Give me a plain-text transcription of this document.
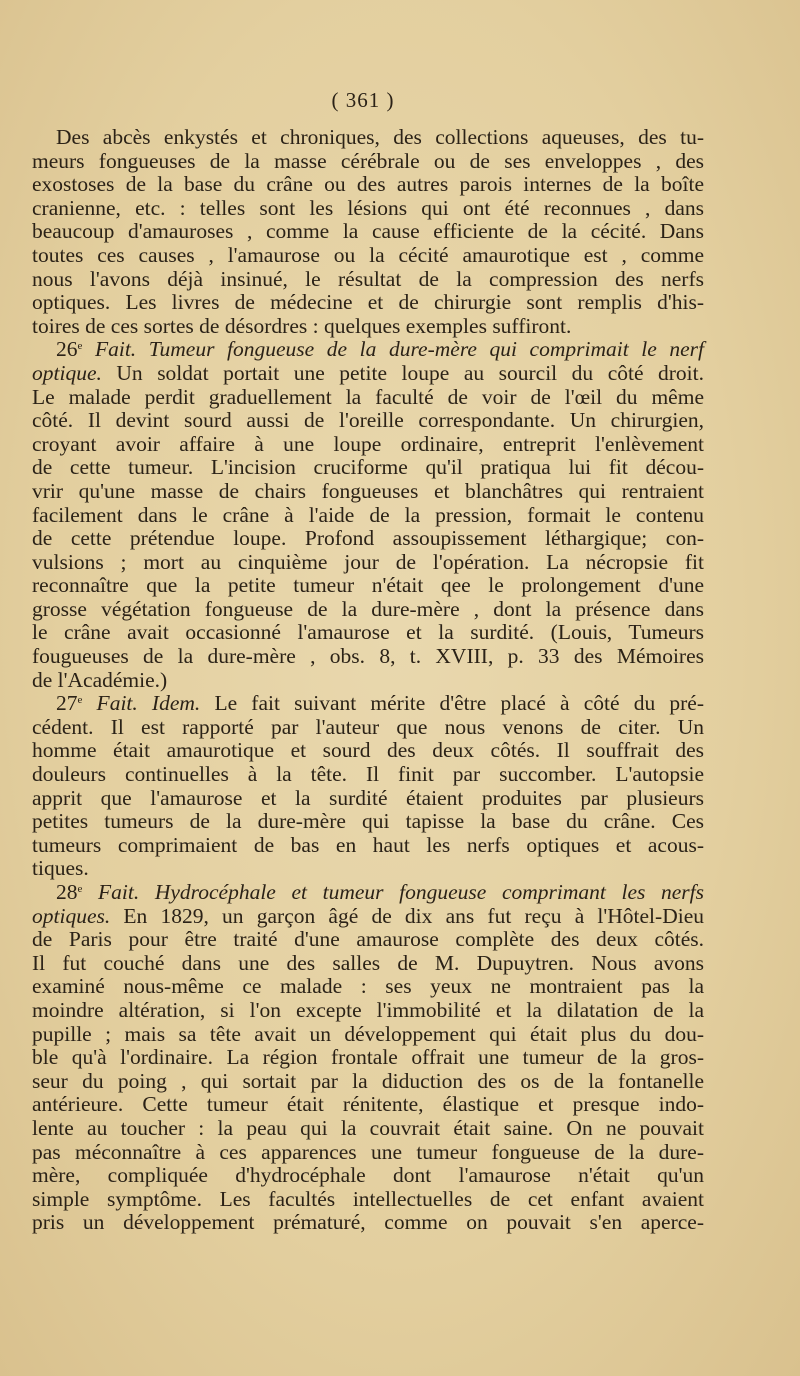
( 361 )
Des abcès enkystés et chroniques, des collections aqueuses, des tu-
meurs fongueuses de la masse cérébrale ou de ses enveloppes , des
exostoses de la base du crâne ou des autres parois internes de la boîte
cranienne, etc. : telles sont les lésions qui ont été reconnues , dans
beaucoup d'amauroses , comme la cause efficiente de la cécité. Dans
toutes ces causes , l'amaurose ou la cécité amaurotique est , comme
nous l'avons déjà insinué, le résultat de la compression des nerfs
optiques. Les livres de médecine et de chirurgie sont remplis d'his-
toires de ces sortes de désordres : quelques exemples suffiront.
26e Fait. Tumeur fongueuse de la dure-mère qui comprimait le nerf
optique. Un soldat portait une petite loupe au sourcil du côté droit.
Le malade perdit graduellement la faculté de voir de l'œil du même
côté. Il devint sourd aussi de l'oreille correspondante. Un chirurgien,
croyant avoir affaire à une loupe ordinaire, entreprit l'enlèvement
de cette tumeur. L'incision cruciforme qu'il pratiqua lui fit décou-
vrir qu'une masse de chairs fongueuses et blanchâtres qui rentraient
facilement dans le crâne à l'aide de la pression, formait le contenu
de cette prétendue loupe. Profond assoupissement léthargique; con-
vulsions ; mort au cinquième jour de l'opération. La nécropsie fit
reconnaître que la petite tumeur n'était qee le prolongement d'une
grosse végétation fongueuse de la dure-mère , dont la présence dans
le crâne avait occasionné l'amaurose et la surdité. (Louis, Tumeurs
fougueuses de la dure-mère , obs. 8, t. XVIII, p. 33 des Mémoires
de l'Académie.)
27e Fait. Idem. Le fait suivant mérite d'être placé à côté du pré-
cédent. Il est rapporté par l'auteur que nous venons de citer. Un
homme était amaurotique et sourd des deux côtés. Il souffrait des
douleurs continuelles à la tête. Il finit par succomber. L'autopsie
apprit que l'amaurose et la surdité étaient produites par plusieurs
petites tumeurs de la dure-mère qui tapisse la base du crâne. Ces
tumeurs comprimaient de bas en haut les nerfs optiques et acous-
tiques.
28e Fait. Hydrocéphale et tumeur fongueuse comprimant les nerfs
optiques. En 1829, un garçon âgé de dix ans fut reçu à l'Hôtel-Dieu
de Paris pour être traité d'une amaurose complète des deux côtés.
Il fut couché dans une des salles de M. Dupuytren. Nous avons
examiné nous-même ce malade : ses yeux ne montraient pas la
moindre altération, si l'on excepte l'immobilité et la dilatation de la
pupille ; mais sa tête avait un développement qui était plus du dou-
ble qu'à l'ordinaire. La région frontale offrait une tumeur de la gros-
seur du poing , qui sortait par la diduction des os de la fontanelle
antérieure. Cette tumeur était rénitente, élastique et presque indo-
lente au toucher : la peau qui la couvrait était saine. On ne pouvait
pas méconnaître à ces apparences une tumeur fongueuse de la dure-
mère, compliquée d'hydrocéphale dont l'amaurose n'était qu'un
simple symptôme. Les facultés intellectuelles de cet enfant avaient
pris un développement prématuré, comme on pouvait s'en aperce-
